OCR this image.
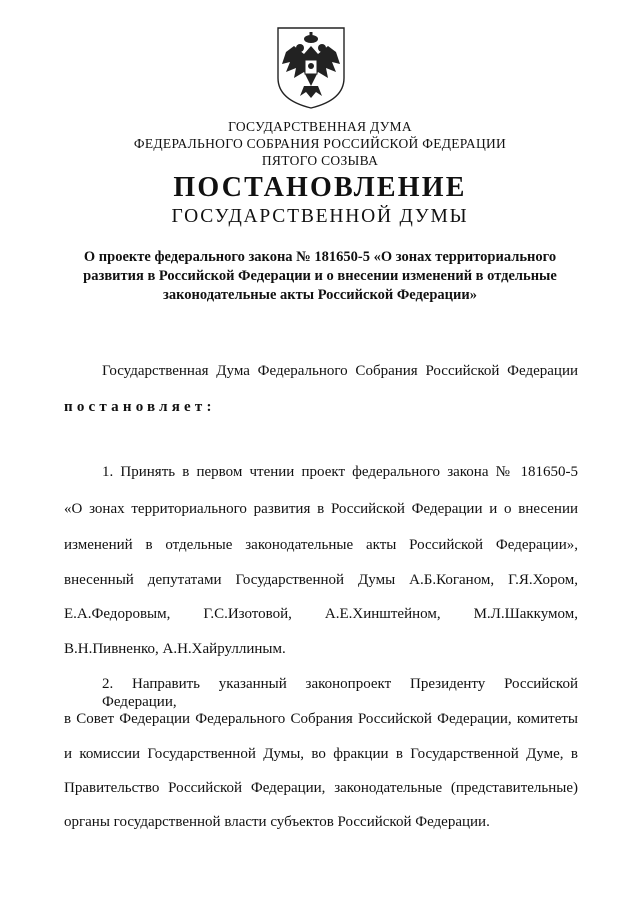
ГОСУДАРСТВЕННАЯ ДУМА
ФЕДЕРАЛЬНОГО СОБРАНИЯ РОССИЙСКОЙ ФЕДЕРАЦИИ
ПЯТОГО СОЗЫВА
ПОСТАНОВЛЕНИЕ
ГОСУДАРСТВЕННОЙ ДУМЫ
О проекте федерального закона № 181650-5 «О зонах территориального
развития в Российской Федерации и о внесении изменений в отдельные
законодательные акты Российской Федерации»
Государственная Дума Федерального Собрания Российской Федерации
постановляет:
1. Принять в первом чтении проект федерального закона № 181650-5
«О зонах территориального развития в Российской Федерации и о внесении
изменений в отдельные законодательные акты Российской Федерации»,
внесенный депутатами Государственной Думы А.Б.Коганом, Г.Я.Хором,
Е.А.Федоровым, Г.С.Изотовой, А.Е.Хинштейном, М.Л.Шаккумом,
В.Н.Пивненко, А.Н.Хайруллиным.
2. Направить указанный законопроект Президенту Российской Федерации,
в Совет Федерации Федерального Собрания Российской Федерации, комитеты
и комиссии Государственной Думы, во фракции в Государственной Думе, в
Правительство Российской Федерации, законодательные (представительные)
органы государственной власти субъектов Российской Федерации.
